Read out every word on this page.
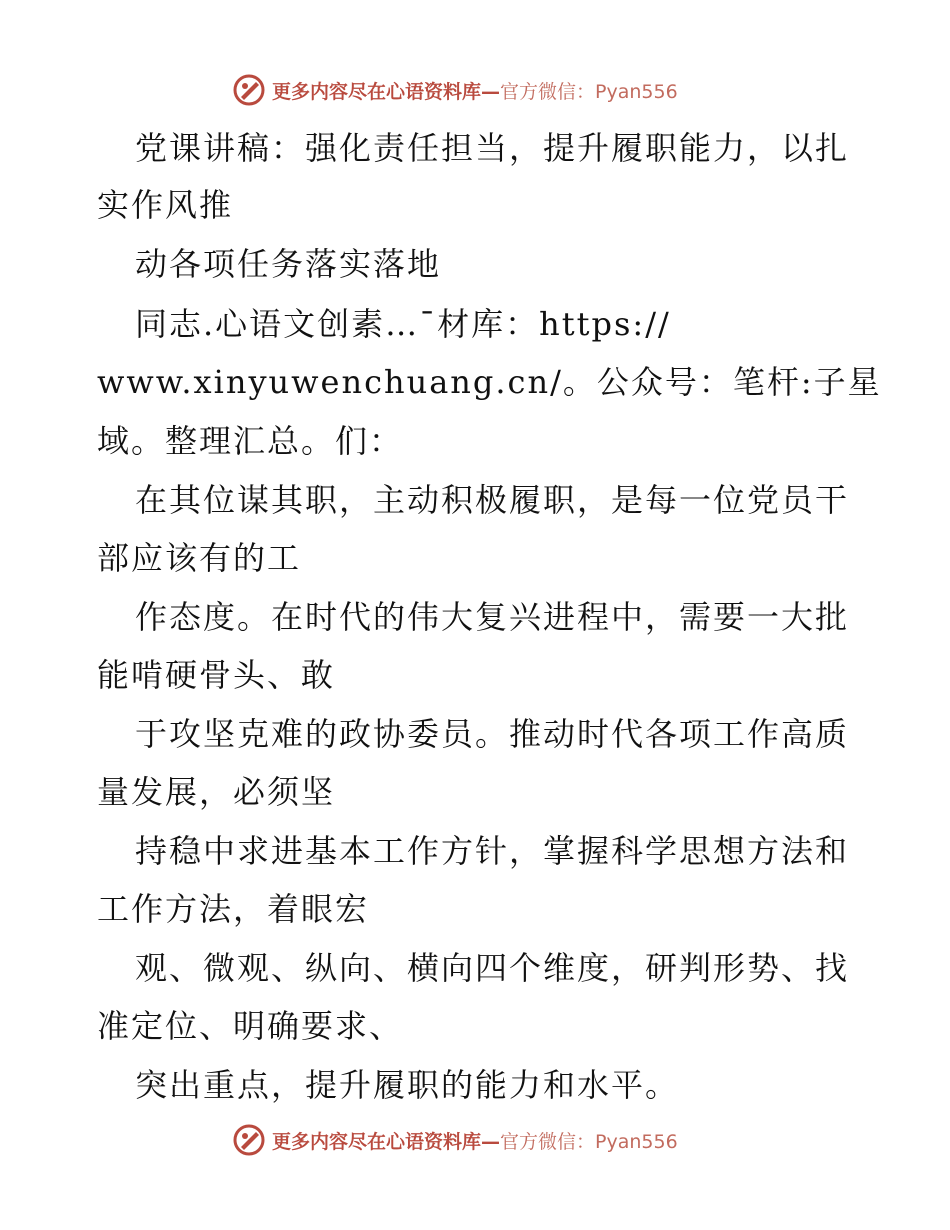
更多内容尽在心语资料库—官方微信：Pyan556
党课讲稿：强化责任担当，提升履职能力，以扎
实作风推
动各项任务落实落地
同志.心语文创素…¯材库：https://
www.xinyuwenchuang.cn/。公众号：笔杆:子星
域。整理汇总。们：
在其位谋其职，主动积极履职，是每一位党员干
部应该有的工
作态度。在时代的伟大复兴进程中，需要一大批
能啃硬骨头、敢
于攻坚克难的政协委员。推动时代各项工作高质
量发展，必须坚
持稳中求进基本工作方针，掌握科学思想方法和
工作方法，着眼宏
观、微观、纵向、横向四个维度，研判形势、找
准定位、明确要求、
突出重点，提升履职的能力和水平。
更多内容尽在心语资料库—官方微信：Pyan556
